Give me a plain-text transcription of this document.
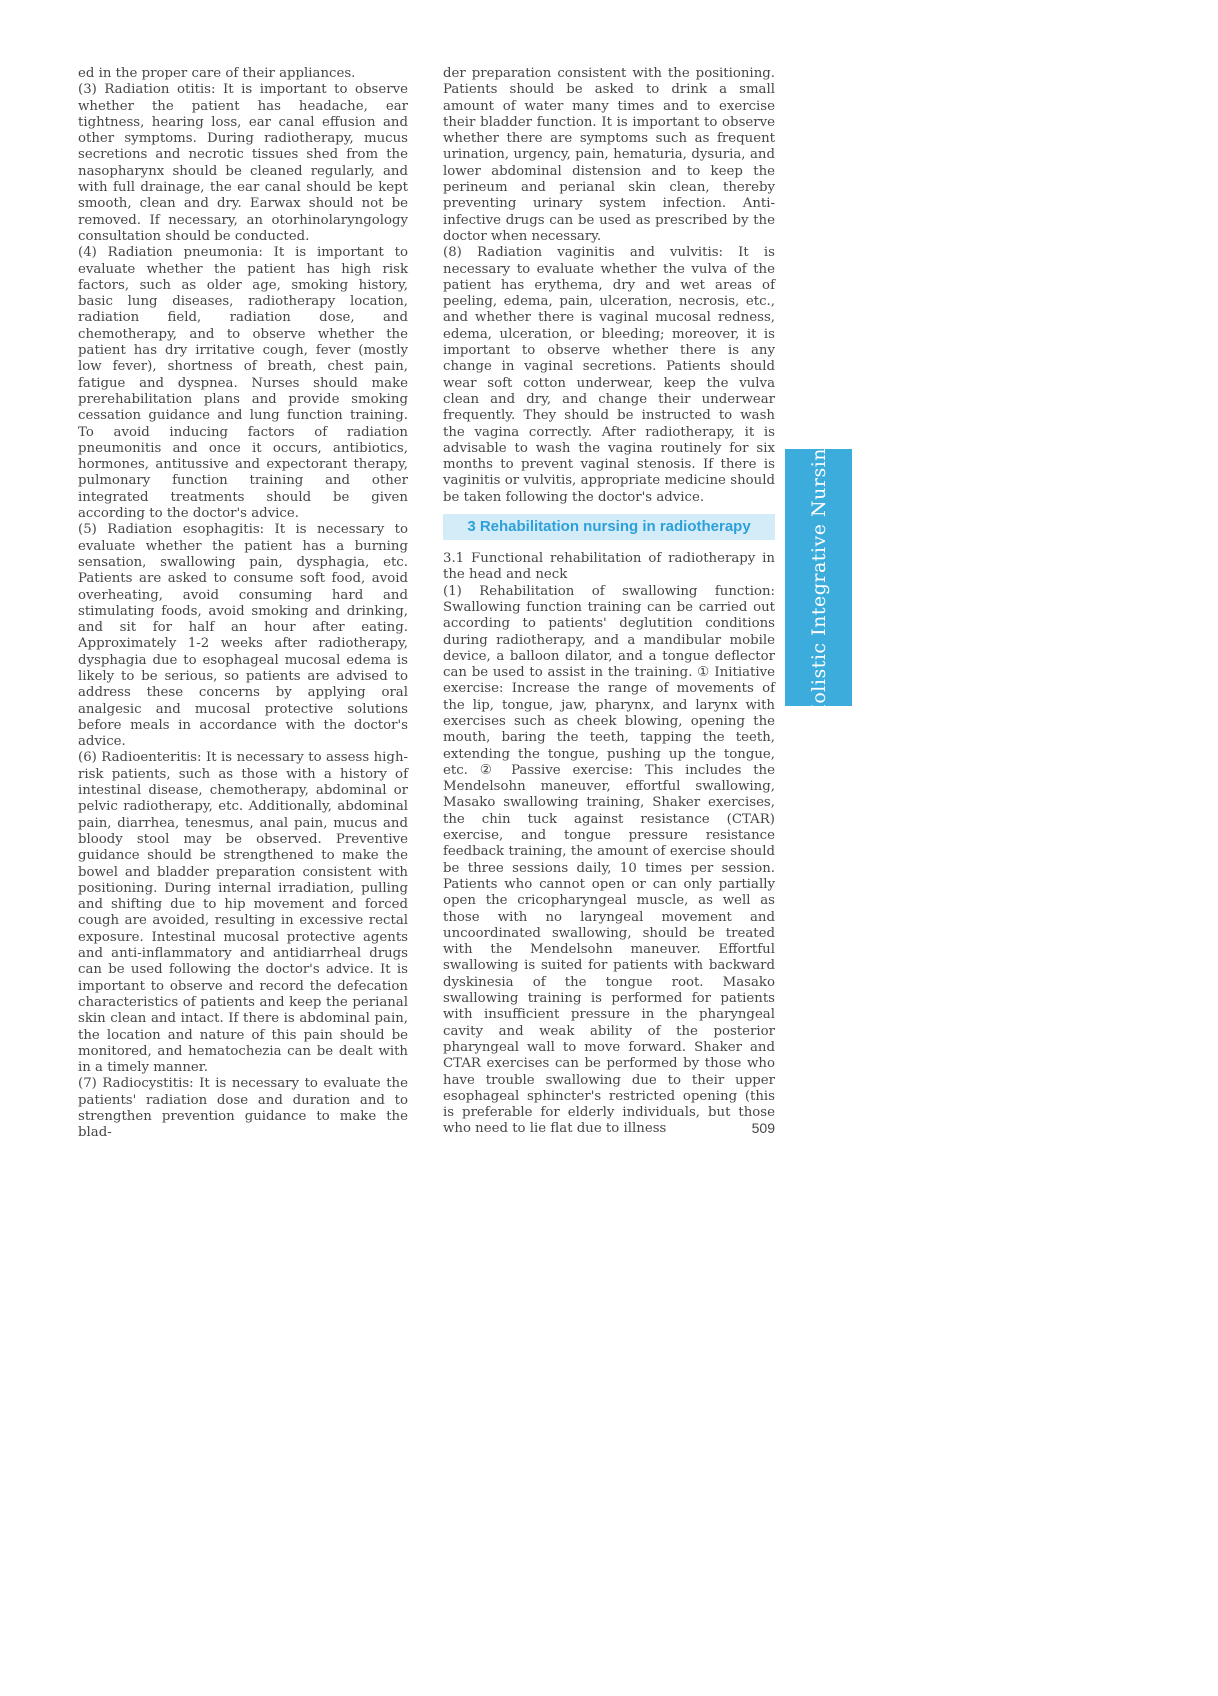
ed in the proper care of their appliances.

(3) Radiation otitis: It is important to observe whether the patient has headache, ear tightness, hearing loss, ear canal effusion and other symptoms. During radiotherapy, mucus secretions and necrotic tissues shed from the nasopharynx should be cleaned regularly, and with full drainage, the ear canal should be kept smooth, clean and dry. Earwax should not be removed. If necessary, an otorhinolaryngology consultation should be conducted.

(4) Radiation pneumonia: It is important to evaluate whether the patient has high risk factors, such as older age, smoking history, basic lung diseases, radiotherapy location, radiation field, radiation dose, and chemotherapy, and to observe whether the patient has dry irritative cough, fever (mostly low fever), shortness of breath, chest pain, fatigue and dyspnea. Nurses should make prerehabilitation plans and provide smoking cessation guidance and lung function training. To avoid inducing factors of radiation pneumonitis and once it occurs, antibiotics, hormones, antitussive and expectorant therapy, pulmonary function training and other integrated treatments should be given according to the doctor's advice.

(5) Radiation esophagitis: It is necessary to evaluate whether the patient has a burning sensation, swallowing pain, dysphagia, etc. Patients are asked to consume soft food, avoid overheating, avoid consuming hard and stimulating foods, avoid smoking and drinking, and sit for half an hour after eating. Approximately 1-2 weeks after radiotherapy, dysphagia due to esophageal mucosal edema is likely to be serious, so patients are advised to address these concerns by applying oral analgesic and mucosal protective solutions before meals in accordance with the doctor's advice.

(6) Radioenteritis: It is necessary to assess high-risk patients, such as those with a history of intestinal disease, chemotherapy, abdominal or pelvic radiotherapy, etc. Additionally, abdominal pain, diarrhea, tenesmus, anal pain, mucus and bloody stool may be observed. Preventive guidance should be strengthened to make the bowel and bladder preparation consistent with positioning. During internal irradiation, pulling and shifting due to hip movement and forced cough are avoided, resulting in excessive rectal exposure. Intestinal mucosal protective agents and anti-inflammatory and antidiarrheal drugs can be used following the doctor's advice. It is important to observe and record the defecation characteristics of patients and keep the perianal skin clean and intact. If there is abdominal pain, the location and nature of this pain should be monitored, and hematochezia can be dealt with in a timely manner.

(7) Radiocystitis: It is necessary to evaluate the patients' radiation dose and duration and to strengthen prevention guidance to make the blad-

der preparation consistent with the positioning. Patients should be asked to drink a small amount of water many times and to exercise their bladder function. It is important to observe whether there are symptoms such as frequent urination, urgency, pain, hematuria, dysuria, and lower abdominal distension and to keep the perineum and perianal skin clean, thereby preventing urinary system infection. Anti-infective drugs can be used as prescribed by the doctor when necessary.

(8) Radiation vaginitis and vulvitis: It is necessary to evaluate whether the vulva of the patient has erythema, dry and wet areas of peeling, edema, pain, ulceration, necrosis, etc., and whether there is vaginal mucosal redness, edema, ulceration, or bleeding; moreover, it is important to observe whether there is any change in vaginal secretions. Patients should wear soft cotton underwear, keep the vulva clean and dry, and change their underwear frequently. They should be instructed to wash the vagina correctly. After radiotherapy, it is advisable to wash the vagina routinely for six months to prevent vaginal stenosis. If there is vaginitis or vulvitis, appropriate medicine should be taken following the doctor's advice.

3 Rehabilitation nursing in radiotherapy

3.1 Functional rehabilitation of radiotherapy in the head and neck

(1) Rehabilitation of swallowing function: Swallowing function training can be carried out according to patients' deglutition conditions during radiotherapy, and a mandibular mobile device, a balloon dilator, and a tongue deflector can be used to assist in the training. ① Initiative exercise: Increase the range of movements of the lip, tongue, jaw, pharynx, and larynx with exercises such as cheek blowing, opening the mouth, baring the teeth, tapping the teeth, extending the tongue, pushing up the tongue, etc. ② Passive exercise: This includes the Mendelsohn maneuver, effortful swallowing, Masako swallowing training, Shaker exercises, the chin tuck against resistance (CTAR) exercise, and tongue pressure resistance feedback training, the amount of exercise should be three sessions daily, 10 times per session. Patients who cannot open or can only partially open the cricopharyngeal muscle, as well as those with no laryngeal movement and uncoordinated swallowing, should be treated with the Mendelsohn maneuver. Effortful swallowing is suited for patients with backward dyskinesia of the tongue root. Masako swallowing training is performed for patients with insufficient pressure in the pharyngeal cavity and weak ability of the posterior pharyngeal wall to move forward. Shaker and CTAR exercises can be performed by those who have trouble swallowing due to their upper esophageal sphincter's restricted opening (this is preferable for elderly individuals, but those who need to lie flat due to illness

Holistic Integrative Nursing
509
